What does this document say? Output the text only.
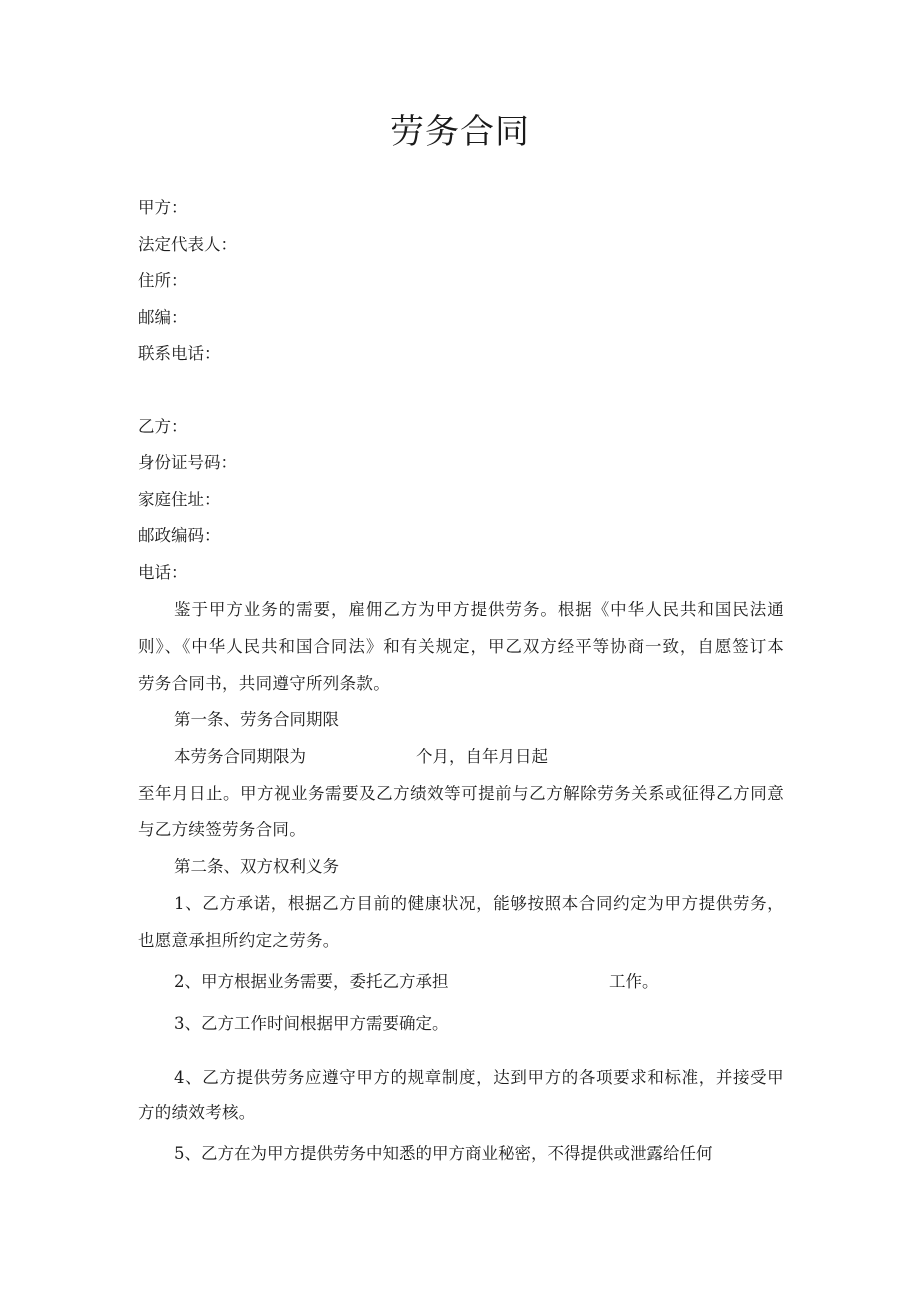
劳务合同
甲方：
法定代表人：
住所：
邮编：
联系电话：
乙方：
身份证号码：
家庭住址：
邮政编码：
电话：
鉴于甲方业务的需要，雇佣乙方为甲方提供劳务。根据《中华人民共和国民法通
则》、《中华人民共和国合同法》和有关规定，甲乙双方经平等协商一致，自愿签订本
劳务合同书，共同遵守所列条款。
第一条、劳务合同期限
本劳务合同期限为	个月，自年月日起
至年月日止。甲方视业务需要及乙方绩效等可提前与乙方解除劳务关系或征得乙方同意
与乙方续签劳务合同。
第二条、双方权利义务
1、乙方承诺，根据乙方目前的健康状况，能够按照本合同约定为甲方提供劳务，
也愿意承担所约定之劳务。
2、甲方根据业务需要，委托乙方承担	工作。
3、乙方工作时间根据甲方需要确定。
4、乙方提供劳务应遵守甲方的规章制度，达到甲方的各项要求和标准，并接受甲
方的绩效考核。
5、乙方在为甲方提供劳务中知悉的甲方商业秘密，不得提供或泄露给任何
